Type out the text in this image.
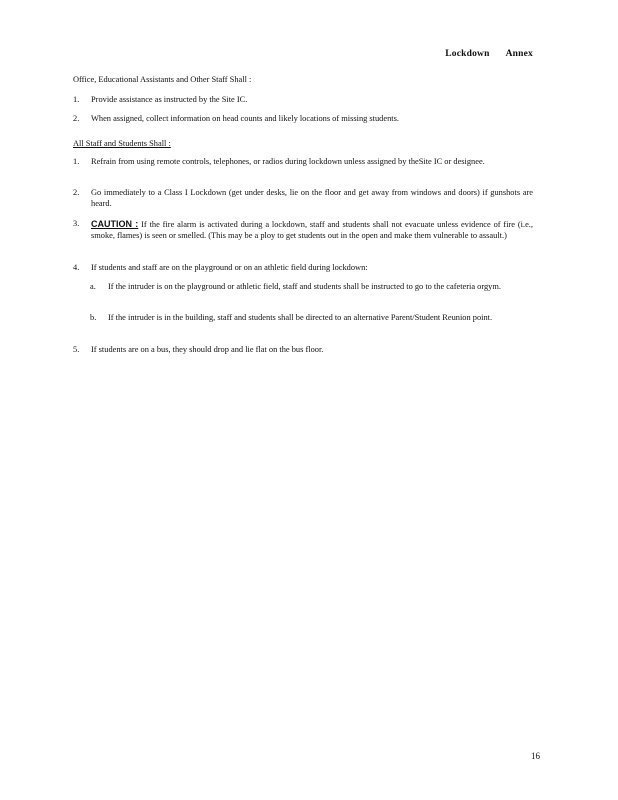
Lockdown Annex
Office, Educational Assistants and Other Staff Shall :
1. Provide assistance as instructed by the Site IC.
2. When assigned, collect information on head counts and likely locations of missing students.
All Staff and Students Shall :
1. Refrain from using remote controls, telephones, or radios during lockdown unless assigned by theSite IC or designee.
2. Go immediately to a Class I Lockdown (get under desks, lie on the floor and get away from windows and doors) if gunshots are heard.
3. CAUTION : If the fire alarm is activated during a lockdown, staff and students shall not evacuate unless evidence of fire (i.e., smoke, flames) is seen or smelled. (This may be a ploy to get students out in the open and make them vulnerable to assault.)
4. If students and staff are on the playground or on an athletic field during lockdown:
a. If the intruder is on the playground or athletic field, staff and students shall be instructed to go to the cafeteria orgym.
b. If the intruder is in the building, staff and students shall be directed to an alternative Parent/Student Reunion point.
5. If students are on a bus, they should drop and lie flat on the bus floor.
16
